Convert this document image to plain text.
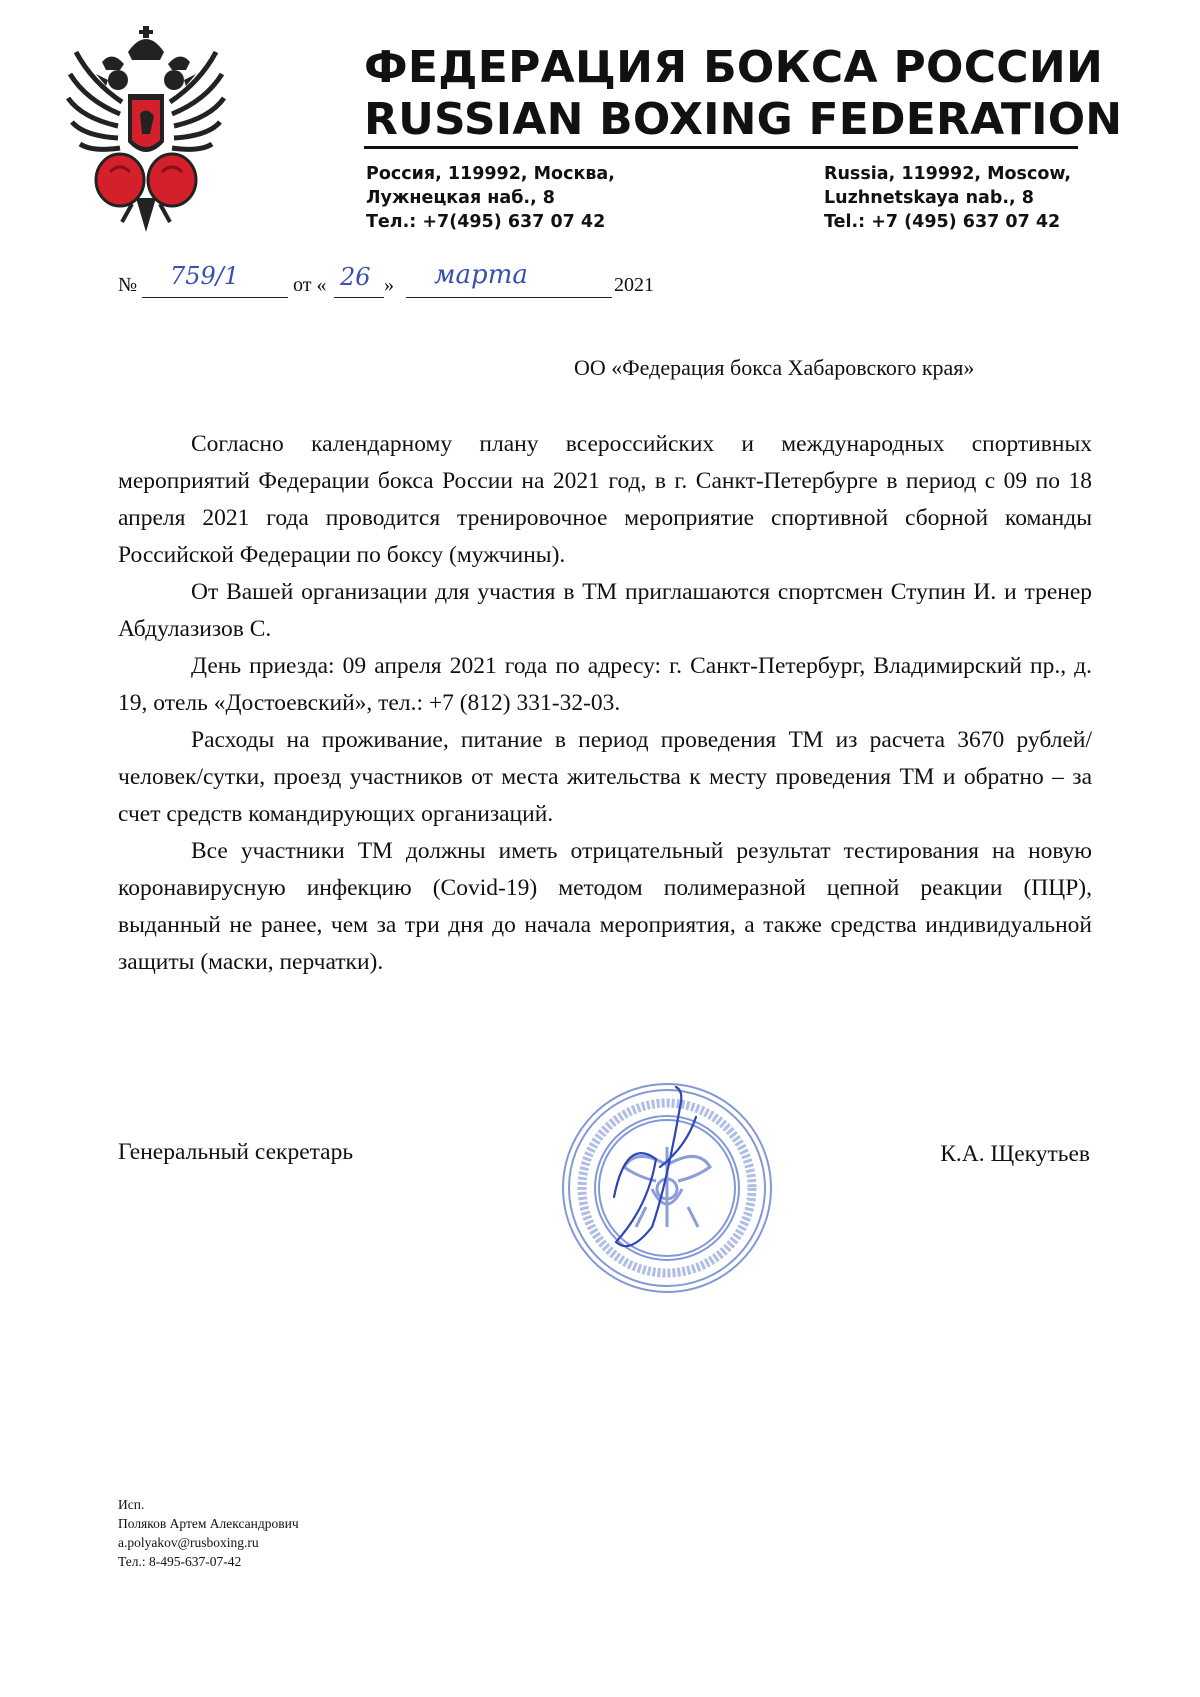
ФЕДЕРАЦИЯ БОКСА РОССИИ
RUSSIAN BOXING FEDERATION
Россия, 119992, Москва,
Лужнецкая наб., 8
Тел.: +7(495) 637 07 42
Russia, 119992, Moscow,
Luzhnetskaya nab., 8
Tel.: +7 (495) 637 07 42
№ 759/1	от « 26 » марта	2021
ОО «Федерация бокса Хабаровского края»

Согласно календарному плану всероссийских и международных спортивных мероприятий Федерации бокса России на 2021 год, в г. Санкт-Петербурге в период с 09 по 18 апреля 2021 года проводится тренировочное мероприятие спортивной сборной команды Российской Федерации по боксу (мужчины).

От Вашей организации для участия в ТМ приглашаются спортсмен Ступин И. и тренер Абдулазизов С.

День приезда: 09 апреля 2021 года по адресу: г. Санкт-Петербург, Владимирский пр., д. 19, отель «Достоевский», тел.: +7 (812) 331-32-03.

Расходы на проживание, питание в период проведения ТМ из расчета 3670 рублей/человек/сутки, проезд участников от места жительства к месту проведения ТМ и обратно – за счет средств командирующих организаций.

Все участники ТМ должны иметь отрицательный результат тестирования на новую коронавирусную инфекцию (Covid-19) методом полимеразной цепной реакции (ПЦР), выданный не ранее, чем за три дня до начала мероприятия, а также средства индивидуальной защиты (маски, перчатки).

Генеральный секретарь	К.А. Щекутьев
Исп.
Поляков Артем Александрович
a.polyakov@rusboxing.ru
Тел.: 8-495-637-07-42
